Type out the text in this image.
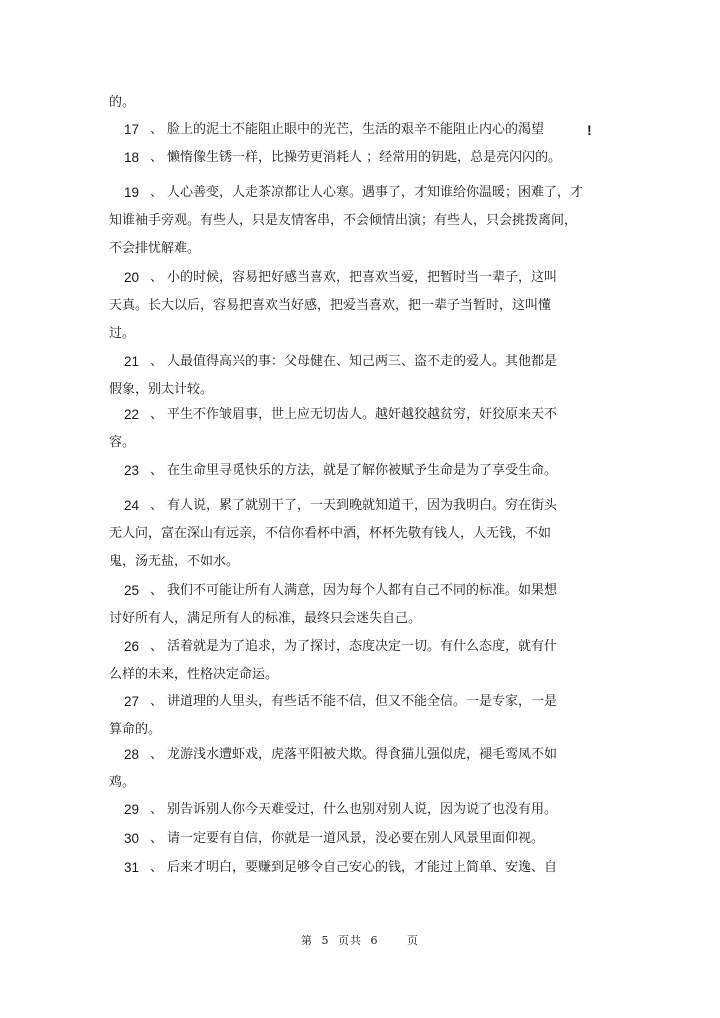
的。
!
17 、 脸上的泥土不能阻止眼中的光芒，生活的艰辛不能阻止内心的渴望
18 、 懒惰像生锈一样，比操劳更消耗人 ；经常用的钥匙，总是亮闪闪的。
19 、 人心善变，人走茶凉都让人心寒。遇事了，才知谁给你温暖；困难了，才
知谁袖手旁观。有些人，只是友情客串，不会倾情出演；有些人，只会挑拨离间，
不会排忧解难。
20 、 小的时候，容易把好感当喜欢，把喜欢当爱，把暂时当一辈子，这叫
天真。长大以后，容易把喜欢当好感，把爱当喜欢，把一辈子当暂时，这叫懂
过。
21 、 人最值得高兴的事：父母健在、知己两三、盗不走的爱人。其他都是
假象，别太计较。
22 、 平生不作皱眉事，世上应无切齿人。越奸越狡越贫穷，奸狡原来天不
容。
23 、 在生命里寻觅快乐的方法，就是了解你被赋予生命是为了享受生命。
24 、 有人说，累了就别干了，一天到晚就知道干，因为我明白。穷在街头
无人问，富在深山有远亲，不信你看杯中酒，杯杯先敬有钱人，人无钱，不如
鬼，汤无盐，不如水。
25 、 我们不可能让所有人满意，因为每个人都有自己不同的标准。如果想
讨好所有人，满足所有人的标准，最终只会迷失自己。
26 、 活着就是为了追求，为了探讨，态度决定一切。有什么态度，就有什
么样的未来，性格决定命运。
27 、 讲道理的人里头，有些话不能不信，但又不能全信。一是专家，一是
算命的。
28 、 龙游浅水遭虾戏，虎落平阳被犬欺。得食猫儿强似虎，褪毛鸾凤不如
鸡。
29 、 别告诉别人你今天难受过，什么也别对别人说，因为说了也没有用。
30 、 请一定要有自信，你就是一道风景，没必要在别人风景里面仰视。
31 、 后来才明白，要赚到足够令自己安心的钱，才能过上简单、安逸、自
第 5 页共 6	页
